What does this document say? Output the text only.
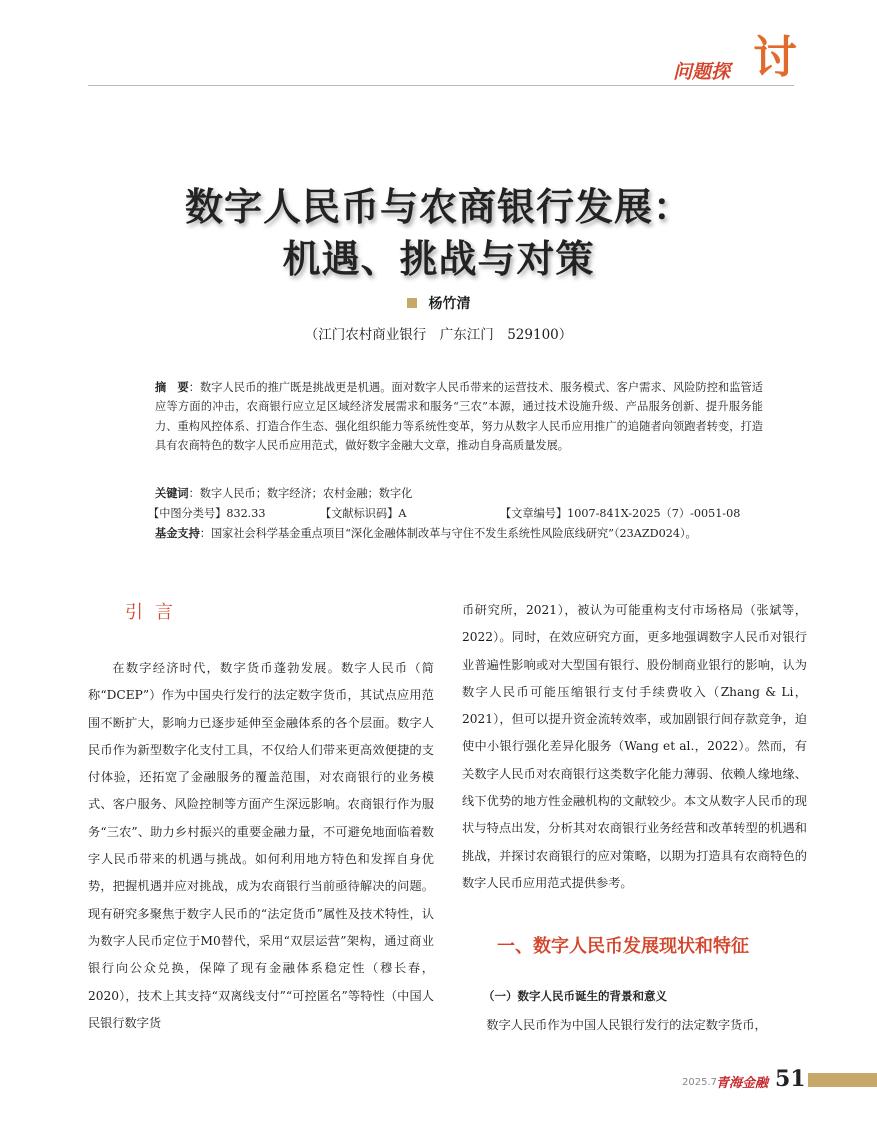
问题探 讨
数字人民币与农商银行发展：
机遇、挑战与对策
杨竹清
（江门农村商业银行　广东江门　529100）

摘　要：数字人民币的推广既是挑战更是机遇。面对数字人民币带来的运营技术、服务模式、客户需求、风险防控和监管适应等方面的冲击，农商银行应立足区域经济发展需求和服务“三农”本源，通过技术设施升级、产品服务创新、提升服务能力、重构风控体系、打造合作生态、强化组织能力等系统性变革，努力从数字人民币应用推广的追随者向领跑者转变，打造具有农商特色的数字人民币应用范式，做好数字金融大文章，推动自身高质量发展。

关键词：数字人民币；数字经济；农村金融；数字化
【中图分类号】832.33	【文献标识码】A	【文章编号】1007-841X-2025（7）-0051-08

基金支持：国家社会科学基金重点项目“深化金融体制改革与守住不发生系统性风险底线研究”（23AZD024）。

引言

在数字经济时代，数字货币蓬勃发展。数字人民币（简称“DCEP”）作为中国央行发行的法定数字货币，其试点应用范围不断扩大，影响力已逐步延伸至金融体系的各个层面。数字人民币作为新型数字化支付工具，不仅给人们带来更高效便捷的支付体验，还拓宽了金融服务的覆盖范围，对农商银行的业务模式、客户服务、风险控制等方面产生深远影响。农商银行作为服务“三农”、助力乡村振兴的重要金融力量，不可避免地面临着数字人民币带来的机遇与挑战。如何利用地方特色和发挥自身优势，把握机遇并应对挑战，成为农商银行当前亟待解决的问题。现有研究多聚焦于数字人民币的“法定货币”属性及技术特性，认为数字人民币定位于M0替代，采用“双层运营”架构，通过商业银行向公众兑换，保障了现有金融体系稳定性（穆长春，2020），技术上其支持“双离线支付”“可控匿名”等特性（中国人民银行数字货

币研究所，2021），被认为可能重构支付市场格局（张斌等，2022）。同时，在效应研究方面，更多地强调数字人民币对银行业普遍性影响或对大型国有银行、股份制商业银行的影响，认为数字人民币可能压缩银行支付手续费收入（Zhang & Li，2021），但可以提升资金流转效率，或加剧银行间存款竞争，迫使中小银行强化差异化服务（Wang et al.，2022）。然而，有关数字人民币对农商银行这类数字化能力薄弱、依赖人缘地缘、线下优势的地方性金融机构的文献较少。本文从数字人民币的现状与特点出发，分析其对农商银行业务经营和改革转型的机遇和挑战，并探讨农商银行的应对策略，以期为打造具有农商特色的数字人民币应用范式提供参考。

一、数字人民币发展现状和特征
（一）数字人民币诞生的背景和意义

数字人民币作为中国人民银行发行的法定数字货币，

2025.7 青海金融 51
